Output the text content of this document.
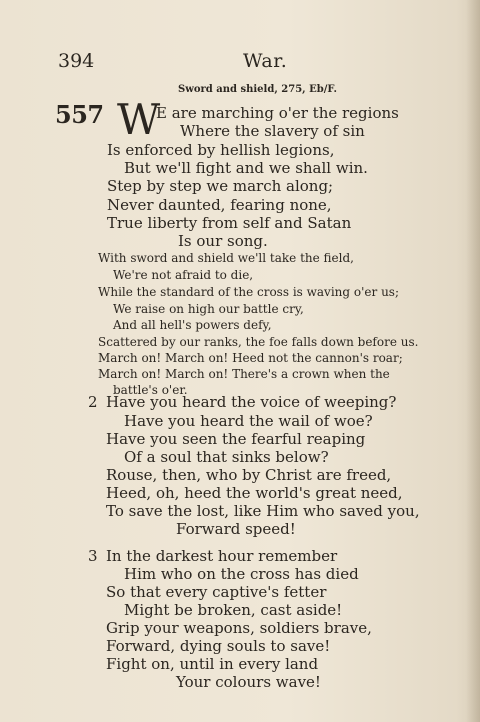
394	War.
Sword and shield, 275, Eb/F.
557 W
E are marching o'er the regions
Where the slavery of sin
Is enforced by hellish legions,
But we'll fight and we shall win.
Step by step we march along;
Never daunted, fearing none,
True liberty from self and Satan
Is our song.
With sword and shield we'll take the field,
We're not afraid to die,
While the standard of the cross is waving o'er us;
We raise on high our battle cry,
And all hell's powers defy,
Scattered by our ranks, the foe falls down before us.
March on! March on! Heed not the cannon's roar;
March on! March on! There's a crown when the
battle's o'er.
2 Have you heard the voice of weeping?
Have you heard the wail of woe?
Have you seen the fearful reaping
Of a soul that sinks below?
Rouse, then, who by Christ are freed,
Heed, oh, heed the world's great need,
To save the lost, like Him who saved you,
Forward speed!
3 In the darkest hour remember
Him who on the cross has died
So that every captive's fetter
Might be broken, cast aside!
Grip your weapons, soldiers brave,
Forward, dying souls to save!
Fight on, until in every land
Your colours wave!
